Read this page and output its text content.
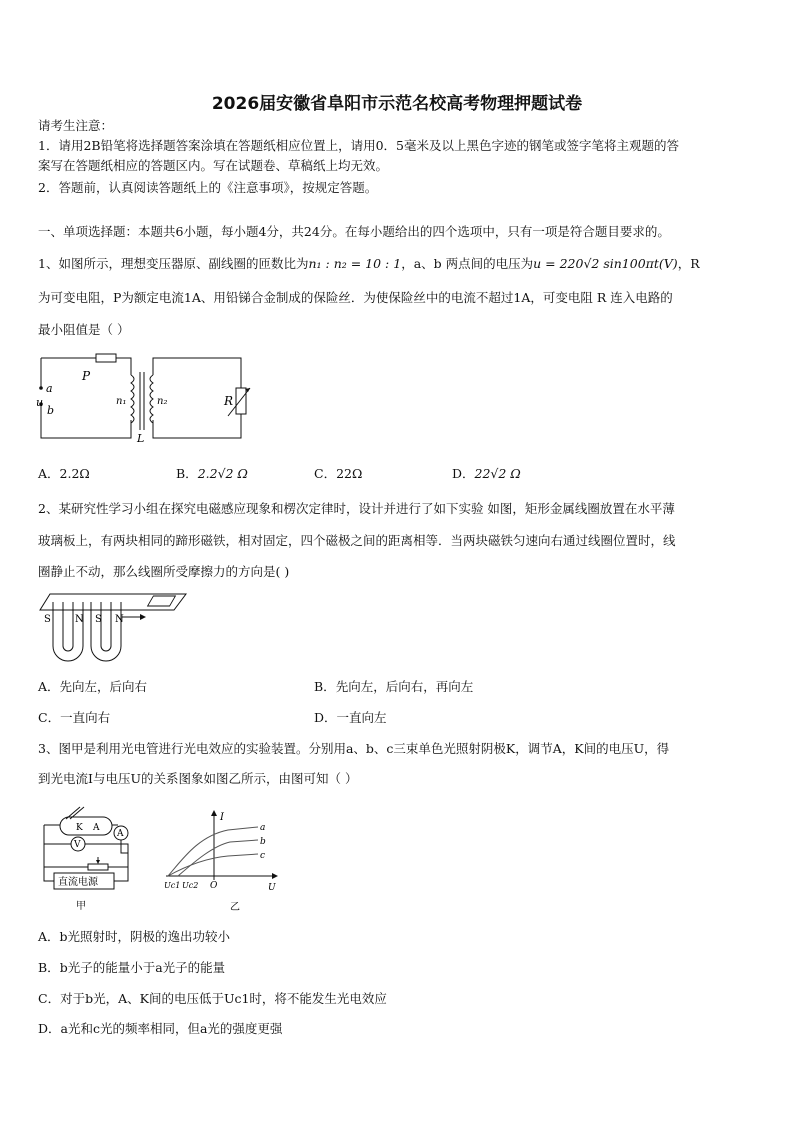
2026届安徽省阜阳市示范名校高考物理押题试卷
请考生注意：
1．请用2B铅笔将选择题答案涂填在答题纸相应位置上，请用0．5毫米及以上黑色字迹的钢笔或签字笔将主观题的答
案写在答题纸相应的答题区内。写在试题卷、草稿纸上均无效。
2．答题前，认真阅读答题纸上的《注意事项》，按规定答题。
一、单项选择题：本题共6小题，每小题4分，共24分。在每小题给出的四个选项中，只有一项是符合题目要求的。
1、如图所示，理想变压器原、副线圈的匝数比为n₁ : n₂ = 10 : 1，a、b 两点间的电压为u = 220√2 sin100πt(V)，R
为可变电阻，P为额定电流1A、用铅锑合金制成的保险丝．为使保险丝中的电流不超过1A，可变电阻 R 连入电路的
最小阻值是（ ）
P
a
u
b
n₁	n₂	R
L
A．2.2Ω	B．2.2√2 Ω	C．22Ω	D．22√2 Ω
2、某研究性学习小组在探究电磁感应现象和楞次定律时，设计并进行了如下实验 如图，矩形金属线圈放置在水平薄
玻璃板上，有两块相同的蹄形磁铁，相对固定，四个磁极之间的距离相等．当两块磁铁匀速向右通过线圈位置时，线
圈静止不动，那么线圈所受摩擦力的方向是( )
S N S N
A．先向左，后向右	B．先向左，后向右，再向左
C．一直向右	D．一直向左
3、图甲是利用光电管进行光电效应的实验装置。分别用a、b、c三束单色光照射阴极K，调节A，K间的电压U，得
到光电流I与电压U的关系图象如图乙所示，由图可知（ ）
K A
A
V
直流电源
甲
I
a
b
c
Uc1 Uc2 O	U
乙
A．b光照射时，阴极的逸出功较小
B．b光子的能量小于a光子的能量
C．对于b光，A、K间的电压低于Uc1时，将不能发生光电效应
D．a光和c光的频率相同，但a光的强度更强
